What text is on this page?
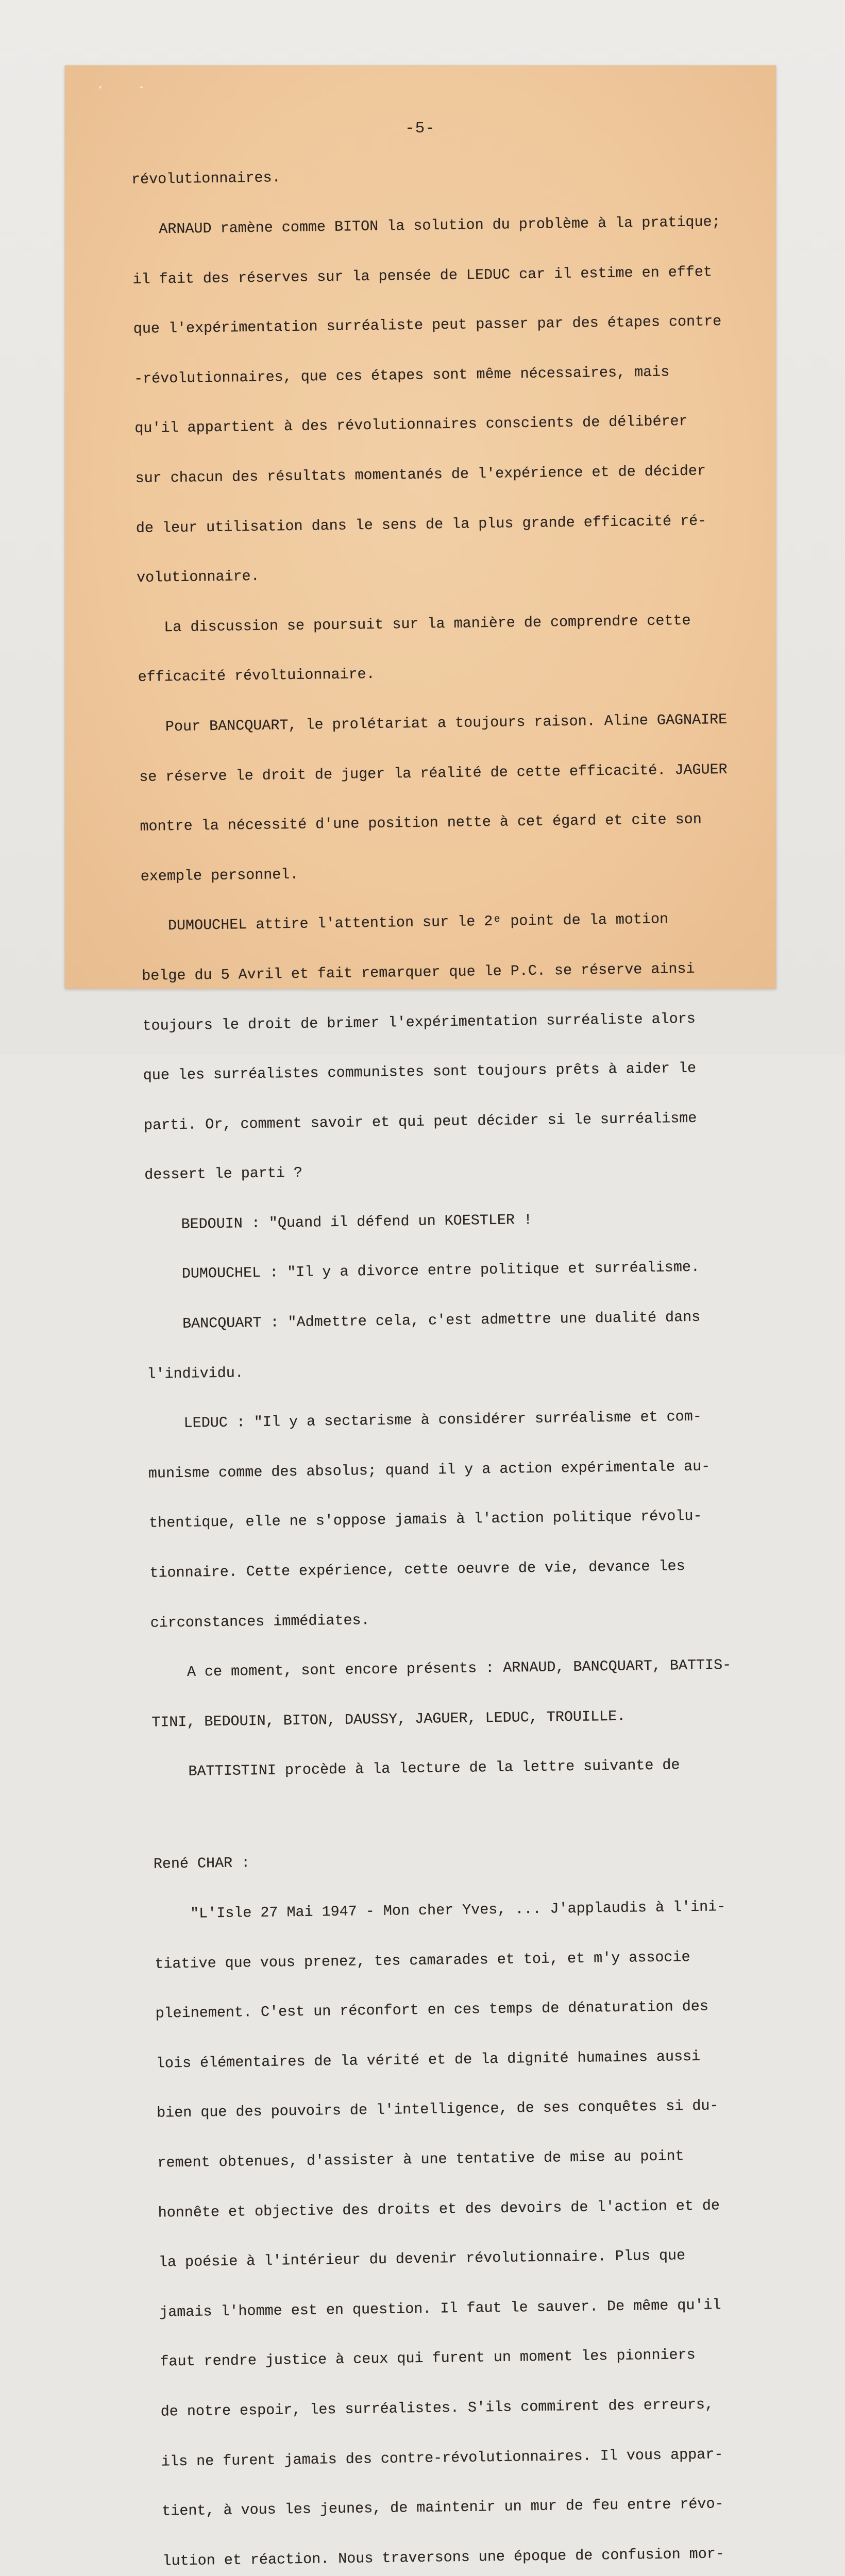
-5-

révolutionnaires.

ARNAUD ramène comme BITON la solution du problème à la pratique;

il fait des réserves sur la pensée de LEDUC car il estime en effet

que l'expérimentation surréaliste peut passer par des étapes contre

-révolutionnaires, que ces étapes sont même nécessaires, mais

qu'il appartient à des révolutionnaires conscients de délibérer

sur chacun des résultats momentanés de l'expérience et de décider

de leur utilisation dans le sens de la plus grande efficacité ré-

volutionnaire.

La discussion se poursuit sur la manière de comprendre cette

efficacité révoltuionnaire.

Pour BANCQUART, le prolétariat a toujours raison. Aline GAGNAIRE

se réserve le droit de juger la réalité de cette efficacité. JAGUER

montre la nécessité d'une position nette à cet égard et cite son

exemple personnel.

DUMOUCHEL attire l'attention sur le 2ᵉ point de la motion

belge du 5 Avril et fait remarquer que le P.C. se réserve ainsi

toujours le droit de brimer l'expérimentation surréaliste alors

que les surréalistes communistes sont toujours prêts à aider le

parti. Or, comment savoir et qui peut décider si le surréalisme

dessert le parti ?

BEDOUIN : "Quand il défend un KOESTLER !

DUMOUCHEL : "Il y a divorce entre politique et surréalisme.

BANCQUART : "Admettre cela, c'est admettre une dualité dans

l'individu.

LEDUC : "Il y a sectarisme à considérer surréalisme et com-

munisme comme des absolus; quand il y a action expérimentale au-

thentique, elle ne s'oppose jamais à l'action politique révolu-

tionnaire. Cette expérience, cette oeuvre de vie, devance les

circonstances immédiates.

A ce moment, sont encore présents : ARNAUD, BANCQUART, BATTIS-

TINI, BEDOUIN, BITON, DAUSSY, JAGUER, LEDUC, TROUILLE.

BATTISTINI procède à la lecture de la lettre suivante de

René CHAR :

"L'Isle 27 Mai 1947 - Mon cher Yves, ... J'applaudis à l'ini-

tiative que vous prenez, tes camarades et toi, et m'y associe

pleinement. C'est un réconfort en ces temps de dénaturation des

lois élémentaires de la vérité et de la dignité humaines aussi

bien que des pouvoirs de l'intelligence, de ses conquêtes si du-

rement obtenues, d'assister à une tentative de mise au point

honnête et objective des droits et des devoirs de l'action et de

la poésie à l'intérieur du devenir révolutionnaire. Plus que

jamais l'homme est en question. Il faut le sauver. De même qu'il

faut rendre justice à ceux qui furent un moment les pionniers

de notre espoir, les surréalistes. S'ils commirent des erreurs,

ils ne furent jamais des contre-révolutionnaires. Il vous appar-

tient, à vous les jeunes, de maintenir un mur de feu entre révo-

lution et réaction. Nous traversons une époque de confusion mor-
